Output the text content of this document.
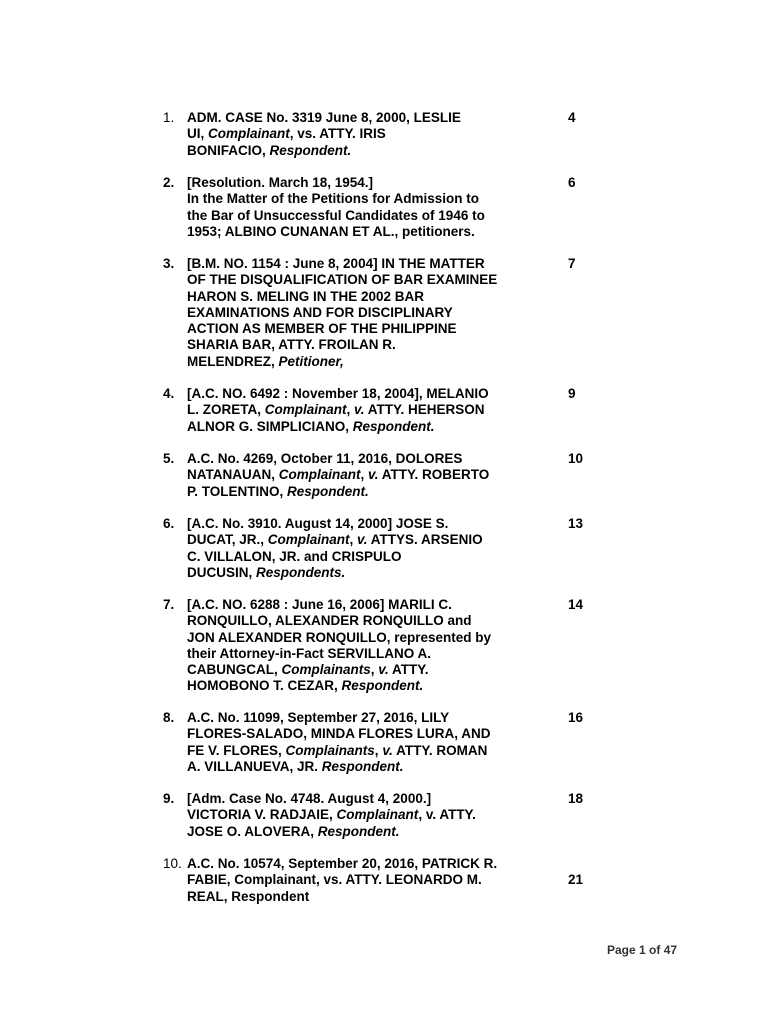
1. ADM. CASE No. 3319 June 8, 2000, LESLIE
UI, Complainant, vs. ATTY. IRIS
BONIFACIO, Respondent.
4
2. [Resolution. March 18, 1954.]
In the Matter of the Petitions for Admission to
the Bar of Unsuccessful Candidates of 1946 to
1953; ALBINO CUNANAN ET AL., petitioners.
6
3. [B.M. NO. 1154 : June 8, 2004] IN THE MATTER
OF THE DISQUALIFICATION OF BAR EXAMINEE
HARON S. MELING IN THE 2002 BAR
EXAMINATIONS AND FOR DISCIPLINARY
ACTION AS MEMBER OF THE PHILIPPINE
SHARIA BAR, ATTY. FROILAN R.
MELENDREZ, Petitioner,
7
4. [A.C. NO. 6492 : November 18, 2004], MELANIO
L. ZORETA, Complainant, v. ATTY. HEHERSON
ALNOR G. SIMPLICIANO, Respondent.
9
5. A.C. No. 4269, October 11, 2016, DOLORES
NATANAUAN, Complainant, v. ATTY. ROBERTO
P. TOLENTINO, Respondent.
10
6. [A.C. No. 3910. August 14, 2000] JOSE S.
DUCAT, JR., Complainant, v. ATTYS. ARSENIO
C. VILLALON, JR. and CRISPULO
DUCUSIN, Respondents.
13
7. [A.C. NO. 6288 : June 16, 2006] MARILI C.
RONQUILLO, ALEXANDER RONQUILLO and
JON ALEXANDER RONQUILLO, represented by
their Attorney-in-Fact SERVILLANO A.
CABUNGCAL, Complainants, v. ATTY.
HOMOBONO T. CEZAR, Respondent.
14
8. A.C. No. 11099, September 27, 2016, LILY
FLORES-SALADO, MINDA FLORES LURA, AND
FE V. FLORES, Complainants, v. ATTY. ROMAN
A. VILLANUEVA, JR. Respondent.
16
9. [Adm. Case No. 4748. August 4, 2000.]
VICTORIA V. RADJAIE, Complainant, v. ATTY.
JOSE O. ALOVERA, Respondent.
18
10. A.C. No. 10574, September 20, 2016, PATRICK R.
FABIE, Complainant, vs. ATTY. LEONARDO M.
REAL, Respondent
21
Page 1 of 47
